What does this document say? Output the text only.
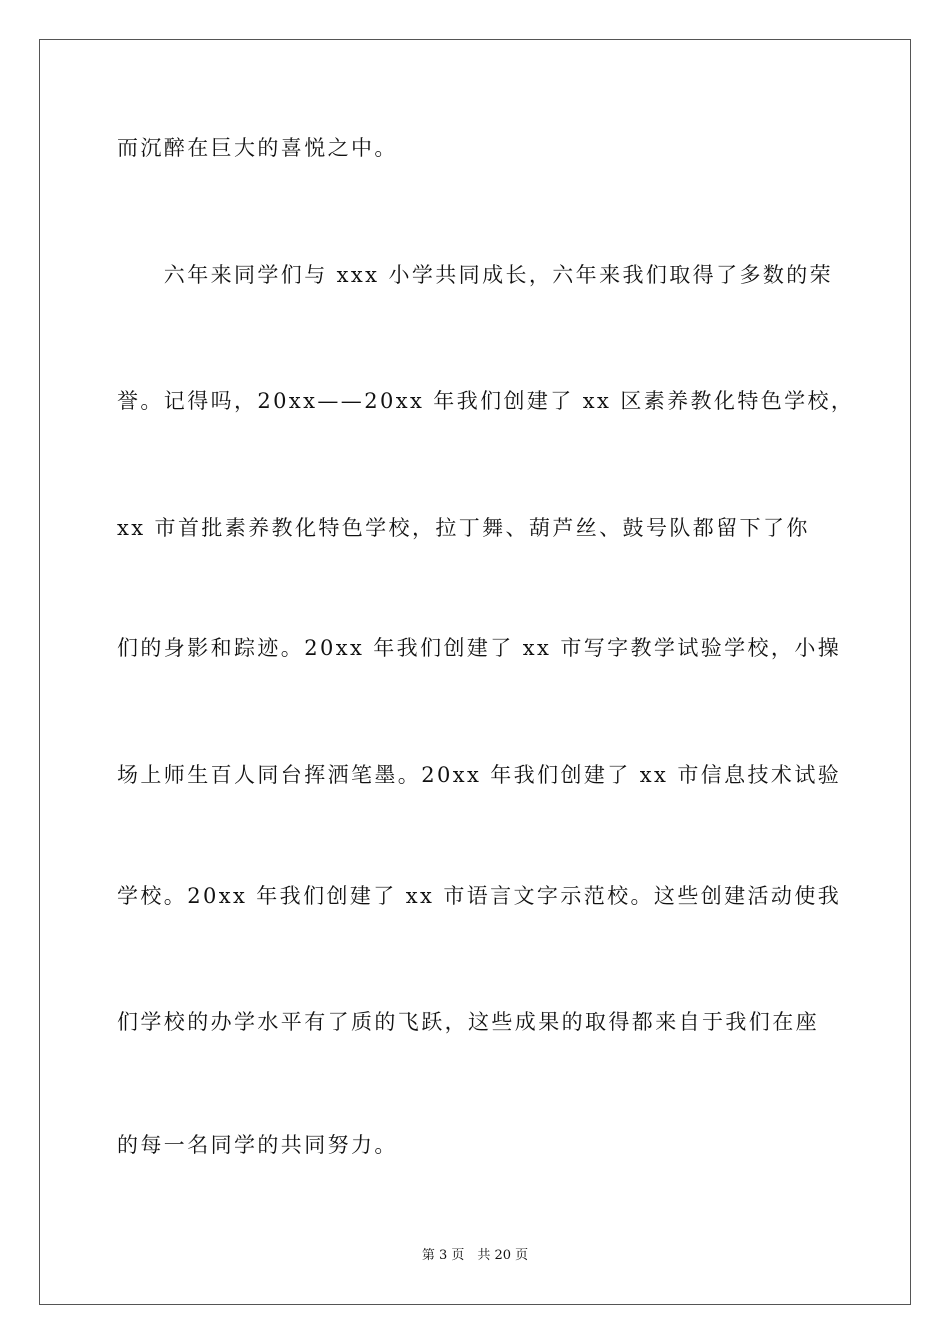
而沉醉在巨大的喜悦之中。
　　六年来同学们与 xxx 小学共同成长，六年来我们取得了多数的荣
誉。记得吗，20xx——20xx 年我们创建了 xx 区素养教化特色学校，
xx 市首批素养教化特色学校，拉丁舞、葫芦丝、鼓号队都留下了你
们的身影和踪迹。20xx 年我们创建了 xx 市写字教学试验学校，小操
场上师生百人同台挥洒笔墨。20xx 年我们创建了 xx 市信息技术试验
学校。20xx 年我们创建了 xx 市语言文字示范校。这些创建活动使我
们学校的办学水平有了质的飞跃，这些成果的取得都来自于我们在座
的每一名同学的共同努力。
第 3 页　共 20 页
